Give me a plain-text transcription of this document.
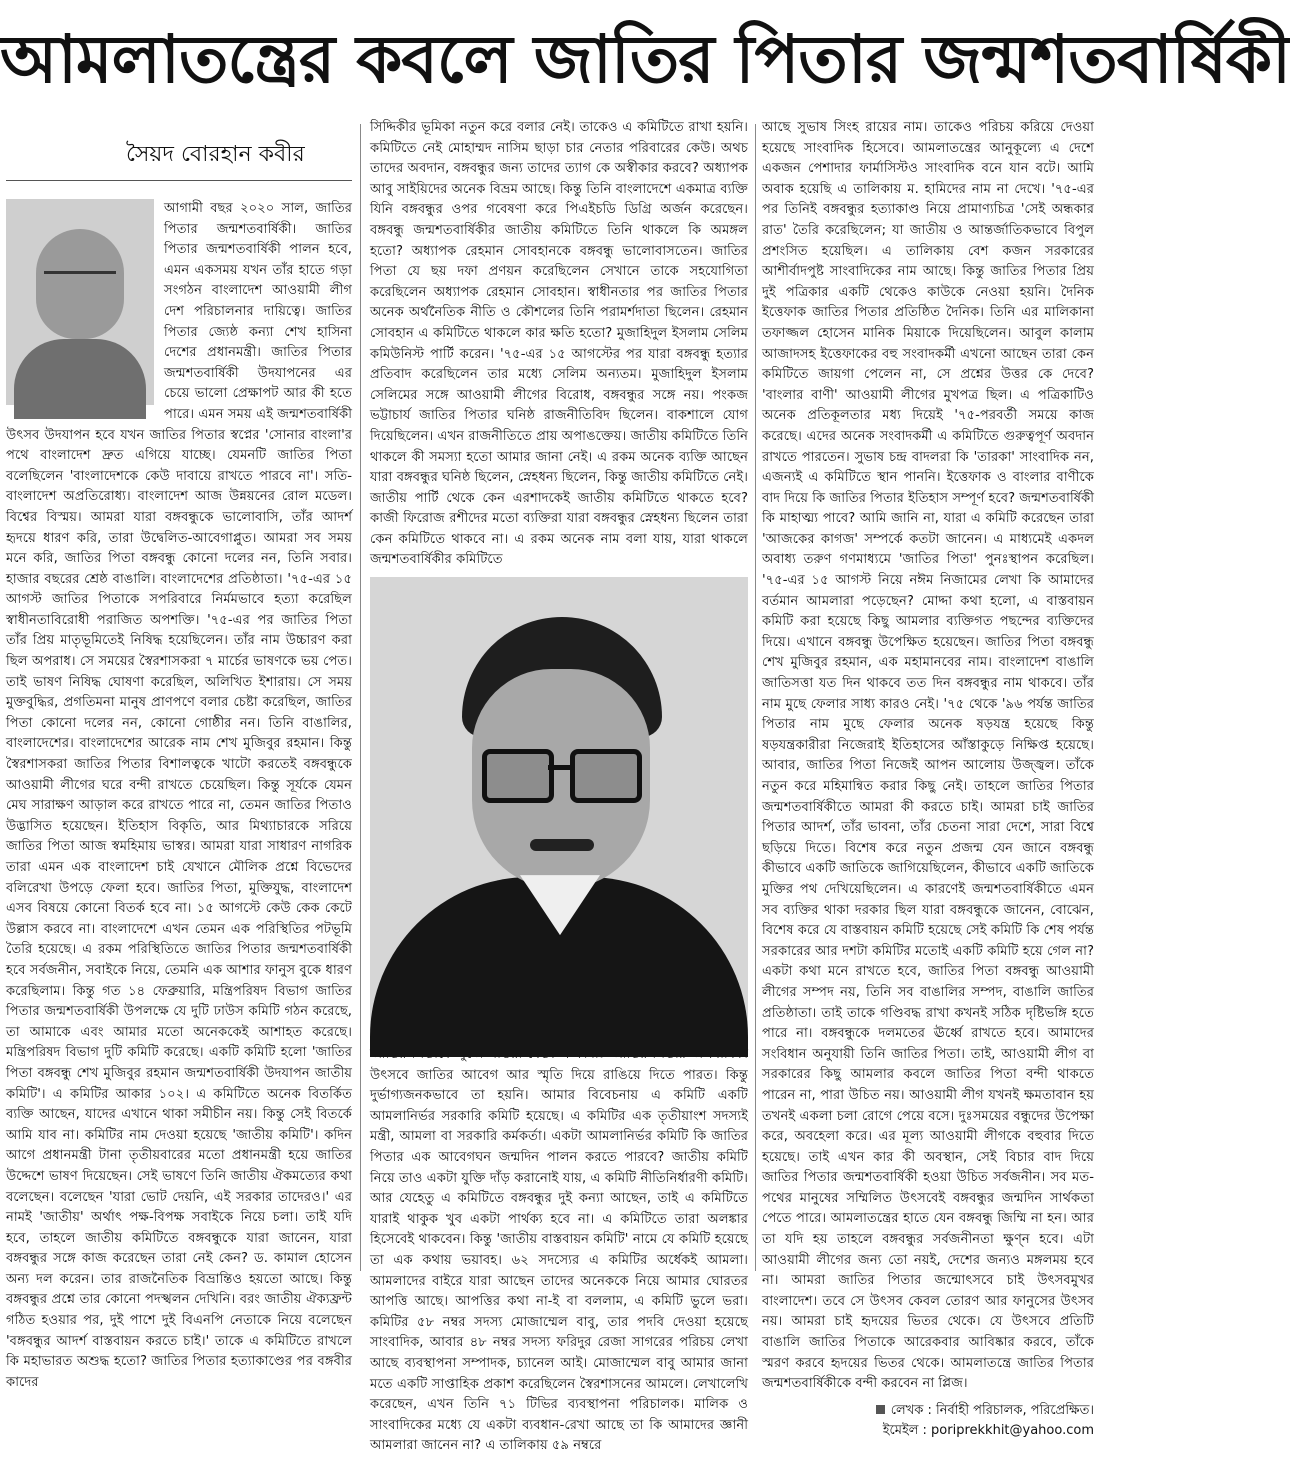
আমলাতন্ত্রের কবলে জাতির পিতার জন্মশতবার্ষিকী
সৈয়দ বোরহান কবীর

আগামী বছর ২০২০ সাল, জাতির পিতার জন্মশতবার্ষিকী। জাতির পিতার জন্মশতবার্ষিকী পালন হবে, এমন একসময় যখন তাঁর হাতে গড়া সংগঠন বাংলাদেশ আওয়ামী লীগ দেশ পরিচালনার দায়িত্বে। জাতির পিতার জ্যেষ্ঠ কন্যা শেখ হাসিনা দেশের প্রধানমন্ত্রী। জাতির পিতার জন্মশতবার্ষিকী উদযাপনের এর চেয়ে ভালো প্রেক্ষাপট আর কী হতে পারে। এমন সময় এই জন্মশতবার্ষিকী উৎসব উদযাপন হবে যখন জাতির পিতার স্বপ্নের 'সোনার বাংলা'র পথে বাংলাদেশ দ্রুত এগিয়ে যাচ্ছে। যেমনটি জাতির পিতা বলেছিলেন 'বাংলাদেশকে কেউ দাবায়ে রাখতে পারবে না'। সতি- বাংলাদেশ অপ্রতিরোধ্য। বাংলাদেশ আজ উন্নয়নের রোল মডেল। বিশ্বের বিস্ময়। আমরা যারা বঙ্গবন্ধুকে ভালোবাসি, তাঁর আদর্শ হৃদয়ে ধারণ করি, তারা উদ্বেলিত-আবেগাপ্লুত। আমরা সব সময় মনে করি, জাতির পিতা বঙ্গবন্ধু কোনো দলের নন, তিনি সবার। হাজার বছরের শ্রেষ্ঠ বাঙালি। বাংলাদেশের প্রতিষ্ঠাতা। '৭৫-এর ১৫ আগস্ট জাতির পিতাকে সপরিবারে নির্মমভাবে হত্যা করেছিল স্বাধীনতাবিরোধী পরাজিত অপশক্তি। '৭৫-এর পর জাতির পিতা তাঁর প্রিয় মাতৃভূমিতেই নিষিদ্ধ হয়েছিলেন। তাঁর নাম উচ্চারণ করা ছিল অপরাধ। সে সময়ের স্বৈরশাসকরা ৭ মার্চের ভাষণকে ভয় পেত। তাই ভাষণ নিষিদ্ধ ঘোষণা করেছিল, অলিখিত ইশারায়। সে সময় মুক্তবুদ্ধির, প্রগতিমনা মানুষ প্রাণপণে বলার চেষ্টা করেছিল, জাতির পিতা কোনো দলের নন, কোনো গোষ্ঠীর নন। তিনি বাঙালির, বাংলাদেশের। বাংলাদেশের আরেক নাম শেখ মুজিবুর রহমান। কিন্তু স্বৈরশাসকরা জাতির পিতার বিশালত্বকে খাটো করতেই বঙ্গবন্ধুকে আওয়ামী লীগের ঘরে বন্দী রাখতে চেয়েছিল। কিন্তু সূর্যকে যেমন মেঘ সারাক্ষণ আড়াল করে রাখতে পারে না, তেমন জাতির পিতাও উদ্ভাসিত হয়েছেন। ইতিহাস বিকৃতি, আর মিথ্যাচারকে সরিয়ে জাতির পিতা আজ স্বমহিমায় ভাস্বর। আমরা যারা সাধারণ নাগরিক তারা এমন এক বাংলাদেশ চাই যেখানে মৌলিক প্রশ্নে বিভেদের বলিরেখা উপড়ে ফেলা হবে। জাতির পিতা, মুক্তিযুদ্ধ, বাংলাদেশ এসব বিষয়ে কোনো বিতর্ক হবে না। ১৫ আগস্টে কেউ কেক কেটে উল্লাস করবে না। বাংলাদেশে এখন তেমন এক পরিস্থিতির পটভূমি তৈরি হয়েছে। এ রকম পরিস্থিতিতে জাতির পিতার জন্মশতবার্ষিকী হবে সর্বজনীন, সবাইকে নিয়ে, তেমনি এক আশার ফানুস বুকে ধারণ করেছিলাম। কিন্তু গত ১৪ ফেব্রুয়ারি, মন্ত্রিপরিষদ বিভাগ জাতির পিতার জন্মশতবার্ষিকী উপলক্ষে যে দুটি ঢাউস কমিটি গঠন করেছে, তা আমাকে এবং আমার মতো অনেককেই আশাহত করেছে। মন্ত্রিপরিষদ বিভাগ দুটি কমিটি করেছে। একটি কমিটি হলো 'জাতির পিতা বঙ্গবন্ধু শেখ মুজিবুর রহমান জন্মশতবার্ষিকী উদযাপন জাতীয় কমিটি'। এ কমিটির আকার ১০২। এ কমিটিতে অনেক বিতর্কিত ব্যক্তি আছেন, যাদের এখানে থাকা সমীচীন নয়। কিন্তু সেই বিতর্কে আমি যাব না। কমিটির নাম দেওয়া হয়েছে 'জাতীয় কমিটি'। কদিন আগে প্রধানমন্ত্রী টানা তৃতীয়বারের মতো প্রধানমন্ত্রী হয়ে জাতির উদ্দেশে ভাষণ দিয়েছেন। সেই ভাষণে তিনি জাতীয় ঐকমত্যের কথা বলেছেন। বলেছেন 'যারা ভোট দেয়নি, এই সরকার তাদেরও।' এর নামই 'জাতীয়' অর্থাৎ পক্ষ-বিপক্ষ সবাইকে নিয়ে চলা। তাই যদি হবে, তাহলে জাতীয় কমিটিতে বঙ্গবন্ধুকে যারা জানেন, যারা বঙ্গবন্ধুর সঙ্গে কাজ করেছেন তারা নেই কেন? ড. কামাল হোসেন অন্য দল করেন। তার রাজনৈতিক বিভ্রান্তিও হয়তো আছে। কিন্তু বঙ্গবন্ধুর প্রশ্নে তার কোনো পদস্খলন দেখিনি। বরং জাতীয় ঐক্যফ্রন্ট গঠিত হওয়ার পর, দুই পাশে দুই বিএনপি নেতাকে নিয়ে বলেছেন 'বঙ্গবন্ধুর আদর্শ বাস্তবায়ন করতে চাই।' তাকে এ কমিটিতে রাখলে কি মহাভারত অশুদ্ধ হতো? জাতির পিতার হত্যাকাণ্ডের পর বঙ্গবীর কাদের

সিদ্দিকীর ভূমিকা নতুন করে বলার নেই। তাকেও এ কমিটিতে রাখা হয়নি। কমিটিতে নেই মোহাম্মদ নাসিম ছাড়া চার নেতার পরিবারের কেউ। অথচ তাদের অবদান, বঙ্গবন্ধুর জন্য তাদের ত্যাগ কে অস্বীকার করবে? অধ্যাপক আবু সাইয়িদের অনেক বিভ্রম আছে। কিন্তু তিনি বাংলাদেশে একমাত্র ব্যক্তি যিনি বঙ্গবন্ধুর ওপর গবেষণা করে পিএইচডি ডিগ্রি অর্জন করেছেন। বঙ্গবন্ধু জন্মশতবার্ষিকীর জাতীয় কমিটিতে তিনি থাকলে কি অমঙ্গল হতো? অধ্যাপক রেহমান সোবহানকে বঙ্গবন্ধু ভালোবাসতেন। জাতির পিতা যে ছয় দফা প্রণয়ন করেছিলেন সেখানে তাকে সহযোগিতা করেছিলেন অধ্যাপক রেহমান সোবহান। স্বাধীনতার পর জাতির পিতার অনেক অর্থনৈতিক নীতি ও কৌশলের তিনি পরামর্শদাতা ছিলেন। রেহমান সোবহান এ কমিটিতে থাকলে কার ক্ষতি হতো? মুজাহিদুল ইসলাম সেলিম কমিউনিস্ট পার্টি করেন। '৭৫-এর ১৫ আগস্টের পর যারা বঙ্গবন্ধু হত্যার প্রতিবাদ করেছিলেন তার মধ্যে সেলিম অন্যতম। মুজাহিদুল ইসলাম সেলিমের সঙ্গে আওয়ামী লীগের বিরোধ, বঙ্গবন্ধুর সঙ্গে নয়। পংকজ ভট্টাচার্য জাতির পিতার ঘনিষ্ঠ রাজনীতিবিদ ছিলেন। বাকশালে যোগ দিয়েছিলেন। এখন রাজনীতিতে প্রায় অপাঙক্তেয়। জাতীয় কমিটিতে তিনি থাকলে কী সমস্যা হতো আমার জানা নেই। এ রকম অনেক ব্যক্তি আছেন যারা বঙ্গবন্ধুর ঘনিষ্ঠ ছিলেন, স্নেহধন্য ছিলেন, কিন্তু জাতীয় কমিটিতে নেই। জাতীয় পার্টি থেকে কেন এরশাদকেই জাতীয় কমিটিতে থাকতে হবে? কাজী ফিরোজ রশীদের মতো ব্যক্তিরা যারা বঙ্গবন্ধুর স্নেহধন্য ছিলেন তারা কেন কমিটিতে থাকবে না। এ রকম অনেক নাম বলা যায়, যারা থাকলে জন্মশতবার্ষিকীর কমিটিতে

উৎসবে জাতির আবেগ আর স্মৃতি দিয়ে রাঙিয়ে দিতে পারত। কিন্তু দুর্ভাগ্যজনকভাবে তা হয়নি। আমার বিবেচনায় এ কমিটি একটি আমলানির্ভর সরকারি কমিটি হয়েছে। এ কমিটির এক তৃতীয়াংশ সদস্যই মন্ত্রী, আমলা বা সরকারি কর্মকর্তা। একটা আমলানির্ভর কমিটি কি জাতির পিতার এক আবেগঘন জন্মদিন পালন করতে পারবে? জাতীয় কমিটি নিয়ে তাও একটা যুক্তি দাঁড় করানোই যায়, এ কমিটি নীতিনির্ধারণী কমিটি। আর যেহেতু এ কমিটিতে বঙ্গবন্ধুর দুই কন্যা আছেন, তাই এ কমিটিতে যারাই থাকুক খুব একটা পার্থক্য হবে না। এ কমিটিতে তারা অলঙ্কার হিসেবেই থাকবেন। কিন্তু 'জাতীয় বাস্তবায়ন কমিটি' নামে যে কমিটি হয়েছে তা এক কথায় ভয়াবহ। ৬২ সদস্যের এ কমিটির অর্ধেকই আমলা। আমলাদের বাইরে যারা আছেন তাদের অনেককে নিয়ে আমার ঘোরতর আপত্তি আছে। আপত্তির কথা না-ই বা বললাম, এ কমিটি ভুলে ভরা। কমিটির ৫৮ নম্বর সদস্য মোজাম্মেল বাবু, তার পদবি দেওয়া হয়েছে সাংবাদিক, আবার ৪৮ নম্বর সদস্য ফরিদুর রেজা সাগরের পরিচয় লেখা আছে ব্যবস্থাপনা সম্পাদক, চ্যানেল আই। মোজাম্মেল বাবু আমার জানা মতে একটি সাপ্তাহিক প্রকাশ করেছিলেন স্বৈরশাসনের আমলে। লেখালেখি করেছেন, এখন তিনি ৭১ টিভির ব্যবস্থাপনা পরিচালক। মালিক ও সাংবাদিকের মধ্যে যে একটা ব্যবধান-রেখা আছে তা কি আমাদের জ্ঞানী আমলারা জানেন না? এ তালিকায় ৫৯ নম্বরে

আছে সুভাষ সিংহ রায়ের নাম। তাকেও পরিচয় করিয়ে দেওয়া হয়েছে সাংবাদিক হিসেবে। আমলাতন্ত্রের আনুকূল্যে এ দেশে একজন পেশাদার ফার্মাসিস্টও সাংবাদিক বনে যান বটে। আমি অবাক হয়েছি এ তালিকায় ম. হামিদের নাম না দেখে। '৭৫-এর পর তিনিই বঙ্গবন্ধুর হত্যাকাণ্ড নিয়ে প্রামাণ্যচিত্র 'সেই অন্ধকার রাত' তৈরি করেছিলেন; যা জাতীয় ও আন্তর্জাতিকভাবে বিপুল প্রশংসিত হয়েছিল। এ তালিকায় বেশ কজন সরকারের আশীর্বাদপুষ্ট সাংবাদিকের নাম আছে। কিন্তু জাতির পিতার প্রিয় দুই পত্রিকার একটি থেকেও কাউকে নেওয়া হয়নি। দৈনিক ইত্তেফাক জাতির পিতার প্রতিষ্ঠিত দৈনিক। তিনি এর মালিকানা তফাজ্জল হোসেন মানিক মিয়াকে দিয়েছিলেন। আবুল কালাম আজাদসহ ইত্তেফাকের বহু সংবাদকর্মী এখনো আছেন তারা কেন কমিটিতে জায়গা পেলেন না, সে প্রশ্নের উত্তর কে দেবে? 'বাংলার বাণী' আওয়ামী লীগের মুখপত্র ছিল। এ পত্রিকাটিও অনেক প্রতিকূলতার মধ্য দিয়েই '৭৫-পরবর্তী সময়ে কাজ করেছে। এদের অনেক সংবাদকর্মী এ কমিটিতে গুরুত্বপূর্ণ অবদান রাখতে পারতেন। সুভাষ চন্দ্র বাদলরা কি 'তারকা' সাংবাদিক নন, এজন্যই এ কমিটিতে স্থান পাননি। ইত্তেফাক ও বাংলার বাণীকে বাদ দিয়ে কি জাতির পিতার ইতিহাস সম্পূর্ণ হবে? জন্মশতবার্ষিকী কি মাহাত্ম্য পাবে? আমি জানি না, যারা এ কমিটি করেছেন তারা 'আজকের কাগজ' সম্পর্কে কতটা জানেন। এ মাধ্যমেই একদল অবাধ্য তরুণ গণমাধ্যমে 'জাতির পিতা' পুনঃস্থাপন করেছিল। '৭৫-এর ১৫ আগস্ট নিয়ে নঈম নিজামের লেখা কি আমাদের বর্তমান আমলারা পড়েছেন? মোদ্দা কথা হলো, এ বাস্তবায়ন কমিটি করা হয়েছে কিছু আমলার ব্যক্তিগত পছন্দের ব্যক্তিদের দিয়ে। এখানে বঙ্গবন্ধু উপেক্ষিত হয়েছেন। জাতির পিতা বঙ্গবন্ধু শেখ মুজিবুর রহমান, এক মহামানবের নাম। বাংলাদেশ বাঙালি জাতিসত্তা যত দিন থাকবে তত দিন বঙ্গবন্ধুর নাম থাকবে। তাঁর নাম মুছে ফেলার সাধ্য কারও নেই। '৭৫ থেকে '৯৬ পর্যন্ত জাতির পিতার নাম মুছে ফেলার অনেক ষড়যন্ত্র হয়েছে কিন্তু ষড়যন্ত্রকারীরা নিজেরাই ইতিহাসের আঁস্তাকুড়ে নিক্ষিপ্ত হয়েছে। আবার, জাতির পিতা নিজেই আপন আলোয় উজ্জ্বল। তাঁকে নতুন করে মহিমান্বিত করার কিছু নেই। তাহলে জাতির পিতার জন্মশতবার্ষিকীতে আমরা কী করতে চাই। আমরা চাই জাতির পিতার আদর্শ, তাঁর ভাবনা, তাঁর চেতনা সারা দেশে, সারা বিশ্বে ছড়িয়ে দিতে। বিশেষ করে নতুন প্রজন্ম যেন জানে বঙ্গবন্ধু কীভাবে একটি জাতিকে জাগিয়েছিলেন, কীভাবে একটি জাতিকে মুক্তির পথ দেখিয়েছিলেন। এ কারণেই জন্মশতবার্ষিকীতে এমন সব ব্যক্তির থাকা দরকার ছিল যারা বঙ্গবন্ধুকে জানেন, বোঝেন, বিশেষ করে যে বাস্তবায়ন কমিটি হয়েছে সেই কমিটি কি শেষ পর্যন্ত সরকারের আর দশটা কমিটির মতোই একটি কমিটি হয়ে গেল না? একটা কথা মনে রাখতে হবে, জাতির পিতা বঙ্গবন্ধু আওয়ামী লীগের সম্পদ নয়, তিনি সব বাঙালির সম্পদ, বাঙালি জাতির প্রতিষ্ঠাতা। তাই তাকে গণ্ডিবদ্ধ রাখা কখনই সঠিক দৃষ্টিভঙ্গি হতে পারে না। বঙ্গবন্ধুকে দলমতের ঊর্ধ্বে রাখতে হবে। আমাদের সংবিধান অনুযায়ী তিনি জাতির পিতা। তাই, আওয়ামী লীগ বা সরকারের কিছু আমলার কবলে জাতির পিতা বন্দী থাকতে পারেন না, পারা উচিত নয়। আওয়ামী লীগ যখনই ক্ষমতাবান হয় তখনই একলা চলা রোগে পেয়ে বসে। দুঃসময়ের বন্ধুদের উপেক্ষা করে, অবহেলা করে। এর মূল্য আওয়ামী লীগকে বহুবার দিতে হয়েছে। তাই এখন কার কী অবস্থান, সেই বিচার বাদ দিয়ে জাতির পিতার জন্মশতবার্ষিকী হওয়া উচিত সর্বজনীন। সব মত-পথের মানুষের সম্মিলিত উৎসবেই বঙ্গবন্ধুর জন্মদিন সার্থকতা পেতে পারে। আমলাতন্ত্রের হাতে যেন বঙ্গবন্ধু জিম্মি না হন। আর তা যদি হয় তাহলে বঙ্গবন্ধুর সর্বজনীনতা ক্ষুণ্ন হবে। এটা আওয়ামী লীগের জন্য তো নয়ই, দেশের জন্যও মঙ্গলময় হবে না। আমরা জাতির পিতার জন্মোৎসবে চাই উৎসবমুখর বাংলাদেশ। তবে সে উৎসব কেবল তোরণ আর ফানুসের উৎসব নয়। আমরা চাই হৃদয়ের ভিতর থেকে। যে উৎসবে প্রতিটি বাঙালি জাতির পিতাকে আরেকবার আবিষ্কার করবে, তাঁকে স্মরণ করবে হৃদয়ের ভিতর থেকে। আমলাতন্ত্রে জাতির পিতার জন্মশতবার্ষিকীকে বন্দী করবেন না প্লিজ।

লেখক : নির্বাহী পরিচালক, পরিপ্রেক্ষিত।
ইমেইল : poriprekkhit@yahoo.com
